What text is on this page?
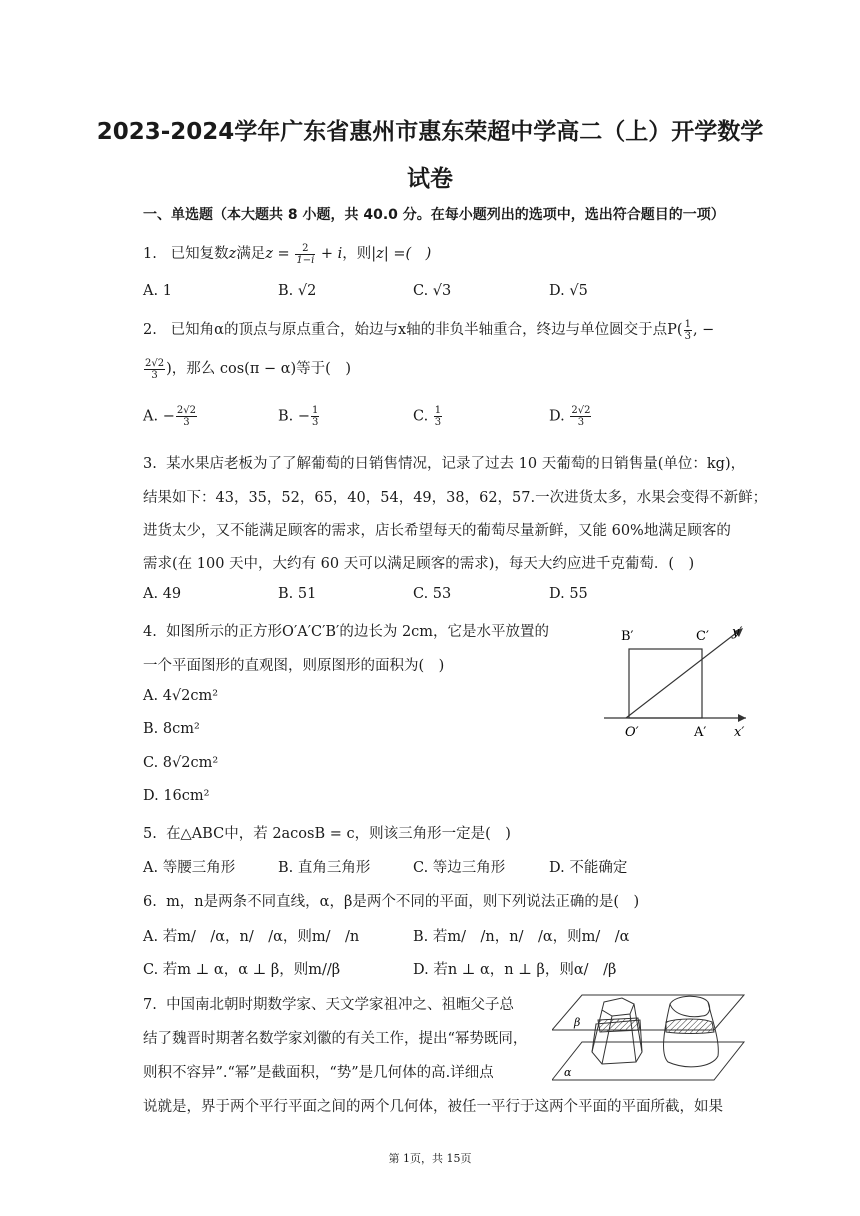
2023-2024学年广东省惠州市惠东荣超中学高二（上）开学数学
试卷
一、单选题（本大题共 8 小题，共 40.0 分。在每小题列出的选项中，选出符合题目的一项）
1. 已知复数z满足$z = \frac{2}{1-i} + i$，则|z| =(　)
A. 1	B. √2	C. √3	D. √5
2. 已知角α的顶点与原点重合，始边与x轴的非负半轴重合，终边与单位圆交于点$P( \frac{1}{3}$ , −
$\frac{2√2}{3}$ )，那么 cos(π − α)等于(　)
A. − $\frac{2√2}{3}$	B. − $\frac{1}{3}$	C. $\frac{1}{3}$	D. $\frac{2√2}{3}$
3. 某水果店老板为了了解葡萄的日销售情况，记录了过去 10 天葡萄的日销售量(单位：kg)，
结果如下：43，35，52，65，40，54，49，38，62，57.一次进货太多，水果会变得不新鲜；
进货太少，又不能满足顾客的需求，店长希望每天的葡萄尽量新鲜，又能 60%地满足顾客的
需求(在 100 天中，大约有 60 天可以满足顾客的需求)，每天大约应进千克葡萄．(　)
A. 49	B. 51	C. 53	D. 55
4. 如图所示的正方形O′A′C′B′的边长为 2cm，它是水平放置的
一个平面图形的直观图，则原图形的面积为(　)
A. 4√2cm²
B. 8cm²
C. 8√2cm²
D. 16cm²
B′	C′ y′
O′	A′ x′
5. 在△ABC中，若 2acosB = c，则该三角形一定是(　)
A. 等腰三角形	B. 直角三角形	C. 等边三角形	D. 不能确定
6. m，n是两条不同直线，α，β是两个不同的平面，则下列说法正确的是(　)
A. 若m/　/α，n/　/α，则m/　/n	B. 若m/　/n，n/　/α，则m/　/α
C. 若m ⊥ α，α ⊥ β，则m//β	D. 若n ⊥ α，n ⊥ β，则α/　/β
7. 中国南北朝时期数学家、天文学家祖冲之、祖暅父子总
结了魏晋时期著名数学家刘徽的有关工作，提出“幂势既同，
则积不容异”.“幂”是截面积，“势”是几何体的高.详细点
说就是，界于两个平行平面之间的两个几何体，被任一平行于这两个平面的平面所截，如果
β
α
第 1页，共 15页
